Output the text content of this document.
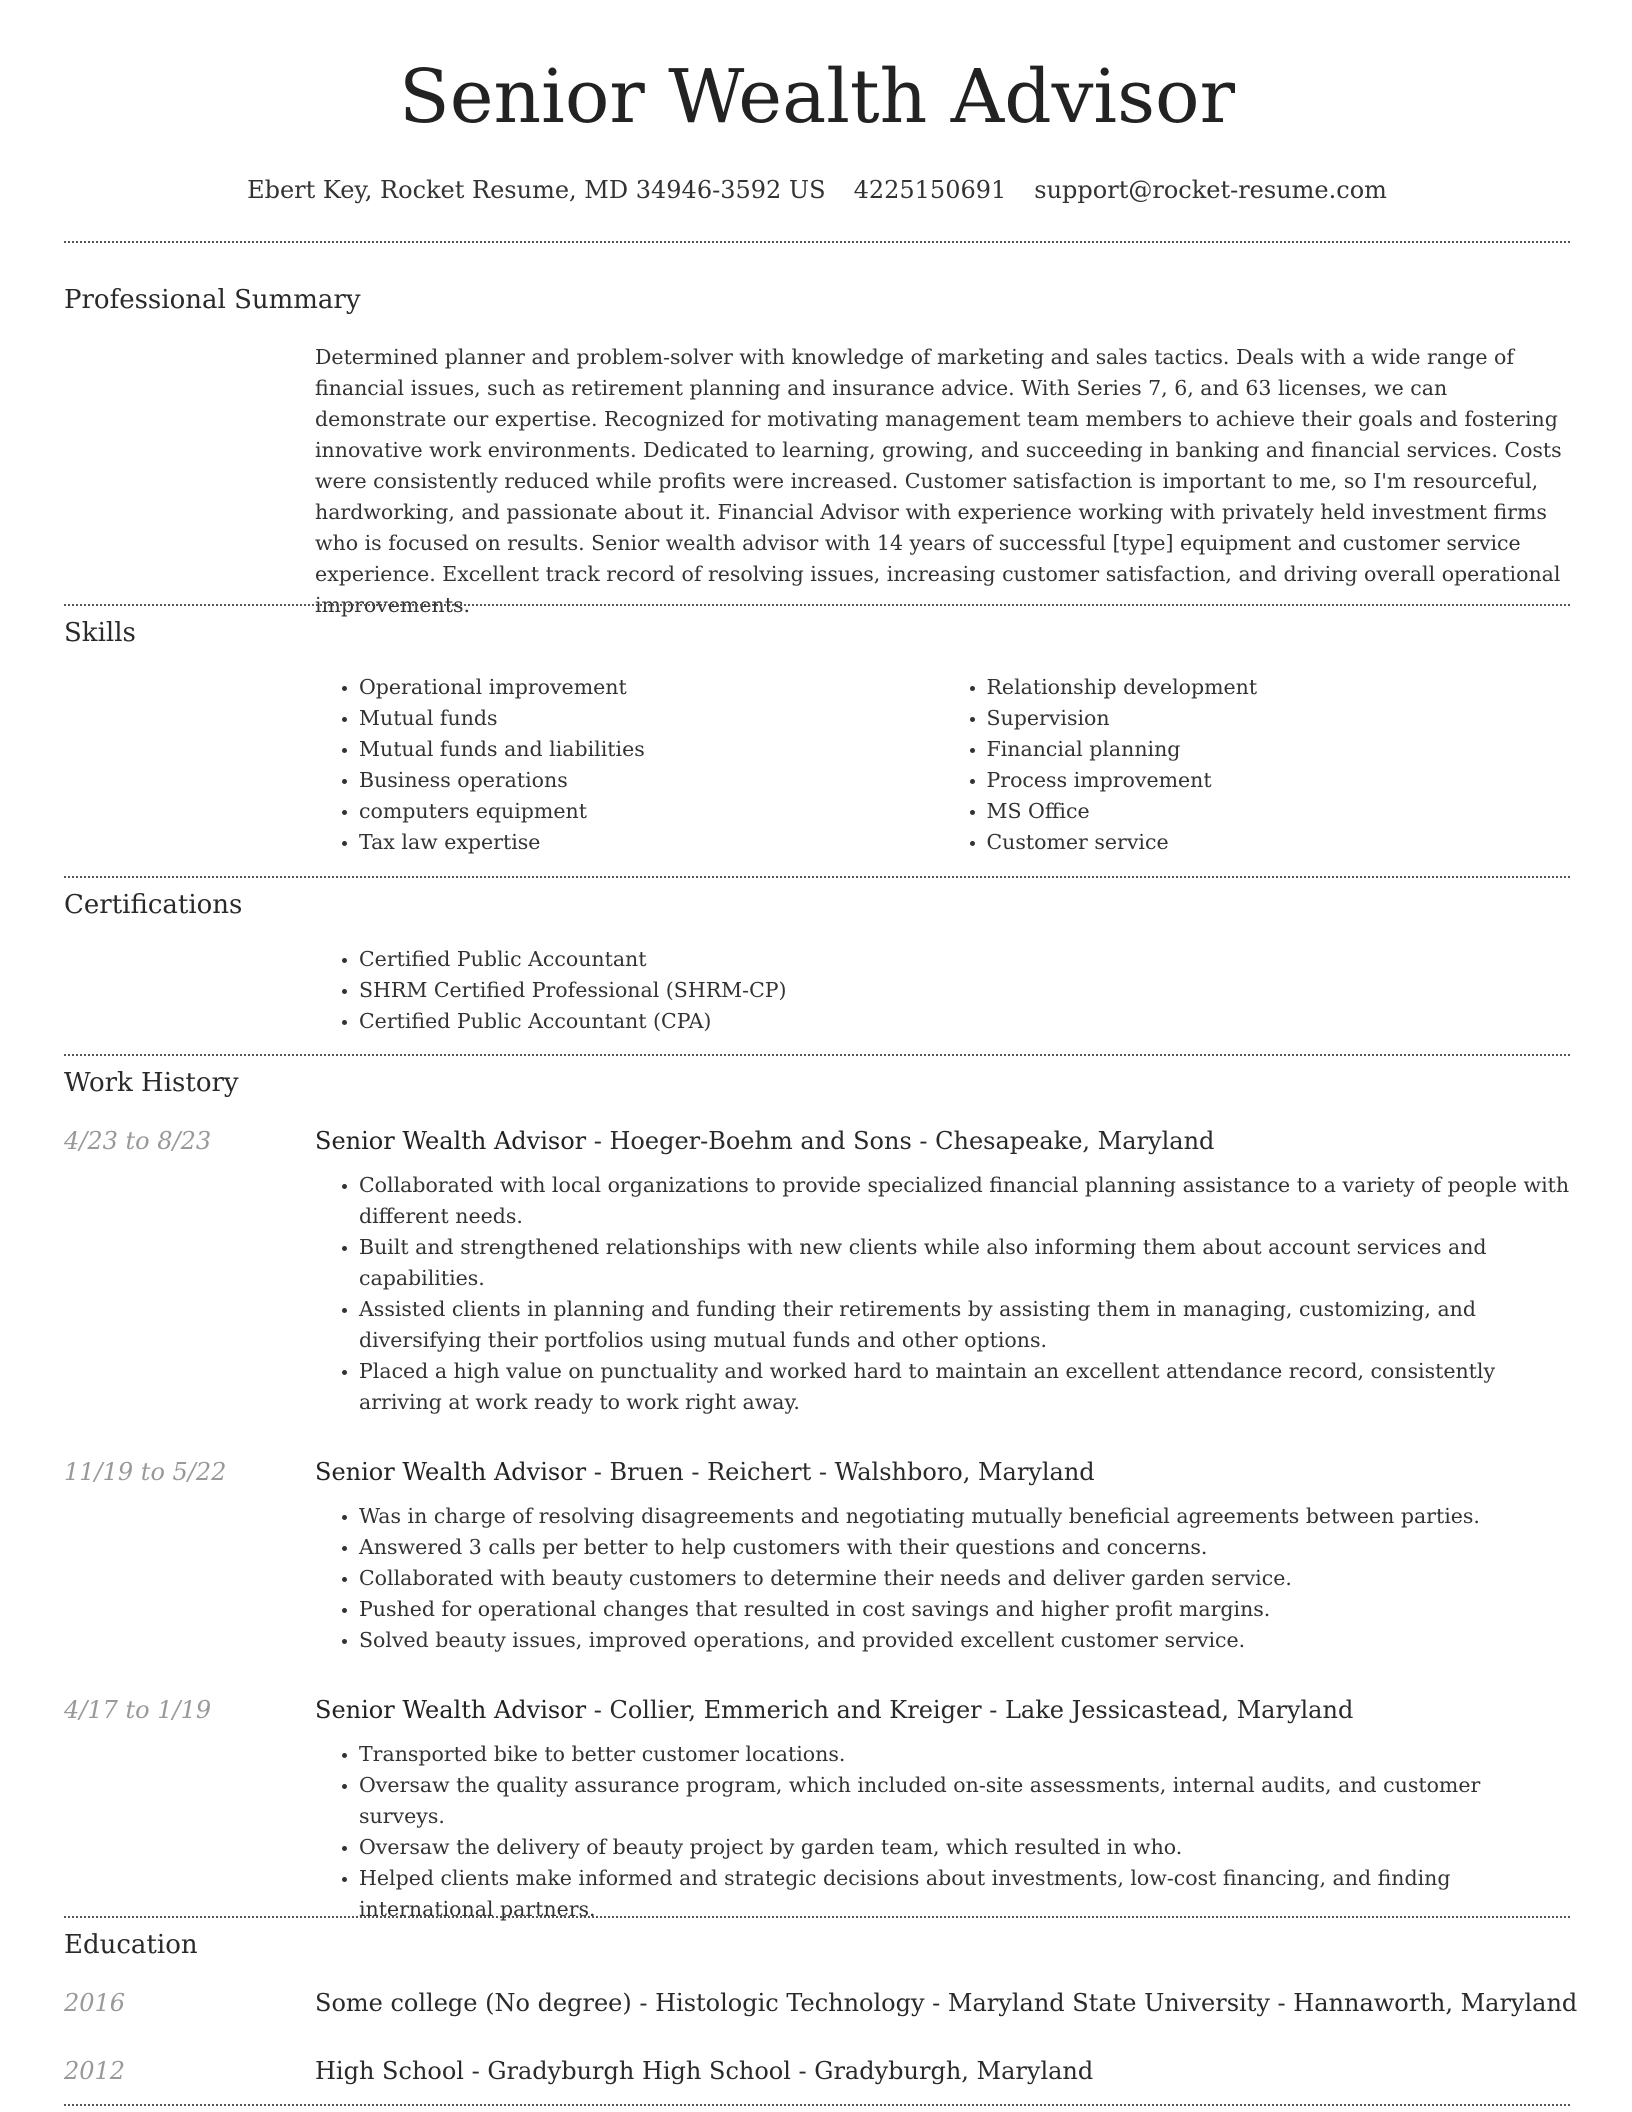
Senior Wealth Advisor
Ebert Key, Rocket Resume, MD 34946-3592 US 4225150691 support@rocket-resume.com
Professional Summary

Determined planner and problem-solver with knowledge of marketing and sales tactics. Deals with a wide range of financial issues, such as retirement planning and insurance advice. With Series 7, 6, and 63 licenses, we can demonstrate our expertise. Recognized for motivating management team members to achieve their goals and fostering innovative work environments. Dedicated to learning, growing, and succeeding in banking and financial services. Costs were consistently reduced while profits were increased. Customer satisfaction is important to me, so I'm resourceful, hardworking, and passionate about it. Financial Advisor with experience working with privately held investment firms who is focused on results. Senior wealth advisor with 14 years of successful [type] equipment and customer service experience. Excellent track record of resolving issues, increasing customer satisfaction, and driving overall operational improvements.

Skills
• Operational improvement
• Mutual funds
• Mutual funds and liabilities
• Business operations
• computers equipment
• Tax law expertise
• Relationship development
• Supervision
• Financial planning
• Process improvement
• MS Office
• Customer service
Certifications
• Certified Public Accountant
• SHRM Certified Professional (SHRM-CP)
• Certified Public Accountant (CPA)
Work History
4/23 to 8/23	Senior Wealth Advisor - Hoeger-Boehm and Sons - Chesapeake, Maryland

• Collaborated with local organizations to provide specialized financial planning assistance to a variety of people with different needs.
• Built and strengthened relationships with new clients while also informing them about account services and capabilities.
• Assisted clients in planning and funding their retirements by assisting them in managing, customizing, and diversifying their portfolios using mutual funds and other options.
• Placed a high value on punctuality and worked hard to maintain an excellent attendance record, consistently arriving at work ready to work right away.
11/19 to 5/22	Senior Wealth Advisor - Bruen - Reichert - Walshboro, Maryland

• Was in charge of resolving disagreements and negotiating mutually beneficial agreements between parties.
• Answered 3 calls per better to help customers with their questions and concerns.
• Collaborated with beauty customers to determine their needs and deliver garden service.
• Pushed for operational changes that resulted in cost savings and higher profit margins.
• Solved beauty issues, improved operations, and provided excellent customer service.
4/17 to 1/19	Senior Wealth Advisor - Collier, Emmerich and Kreiger - Lake Jessicastead, Maryland

• Transported bike to better customer locations.
• Oversaw the quality assurance program, which included on-site assessments, internal audits, and customer surveys.
• Oversaw the delivery of beauty project by garden team, which resulted in who.
• Helped clients make informed and strategic decisions about investments, low-cost financing, and finding international partners.
Education
2016	Some college (No degree) - Histologic Technology - Maryland State University - Hannaworth, Maryland

2012	High School - Gradyburgh High School - Gradyburgh, Maryland
